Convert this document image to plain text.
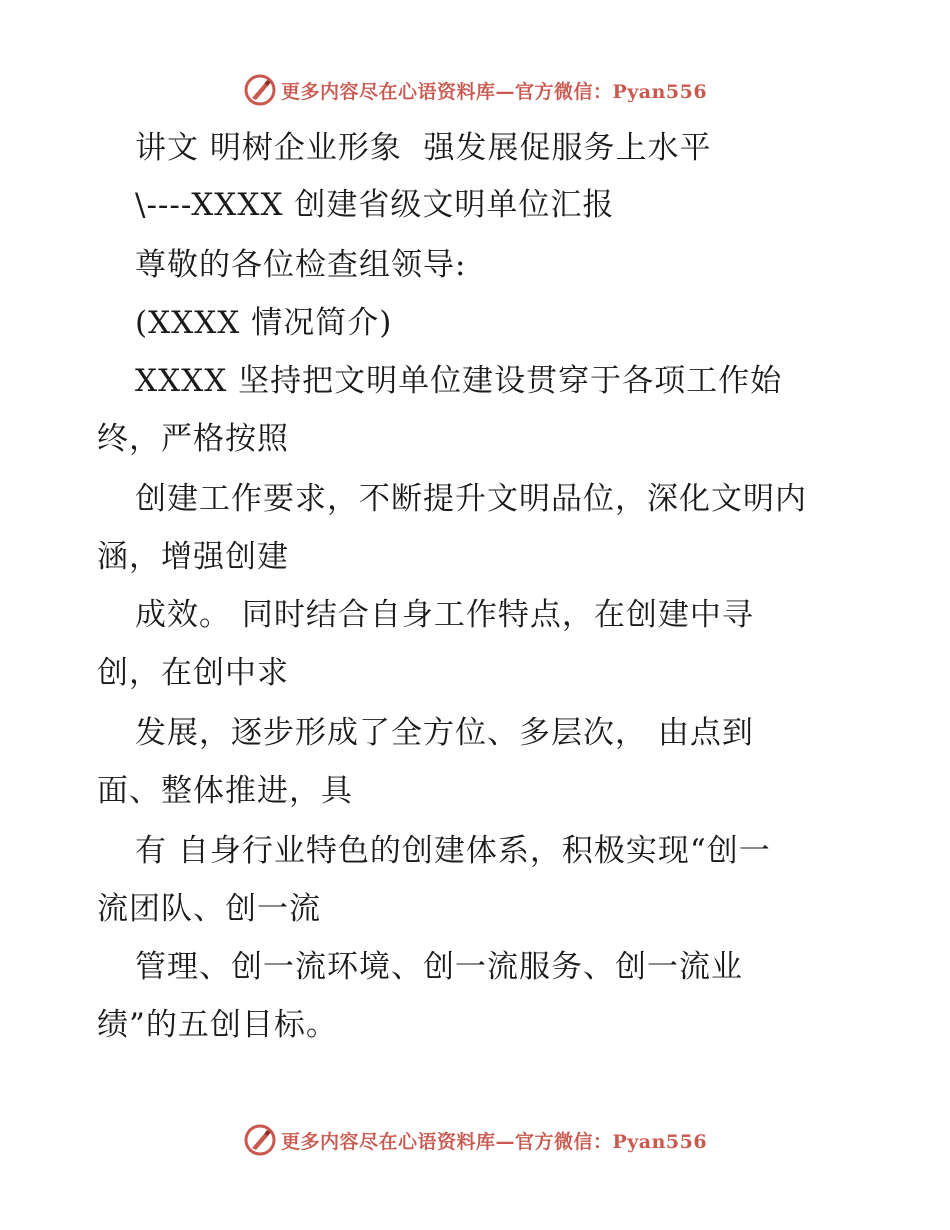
更多内容尽在心语资料库—官方微信：Pyan556
讲文 明树企业形象  强发展促服务上水平
\----XXXX 创建省级文明单位汇报
尊敬的各位检查组领导:
(XXXX 情况简介)
XXXX 坚持把文明单位建设贯穿于各项工作始
终，严格按照
创建工作要求，不断提升文明品位，深化文明内
涵，增强创建
成效。 同时结合自身工作特点，在创建中寻
创，在创中求
发展，逐步形成了全方位、多层次， 由点到
面、整体推进，具
有 自身行业特色的创建体系，积极实现“创一
流团队、创一流
管理、创一流环境、创一流服务、创一流业
绩”的五创目标。
更多内容尽在心语资料库—官方微信：Pyan556
